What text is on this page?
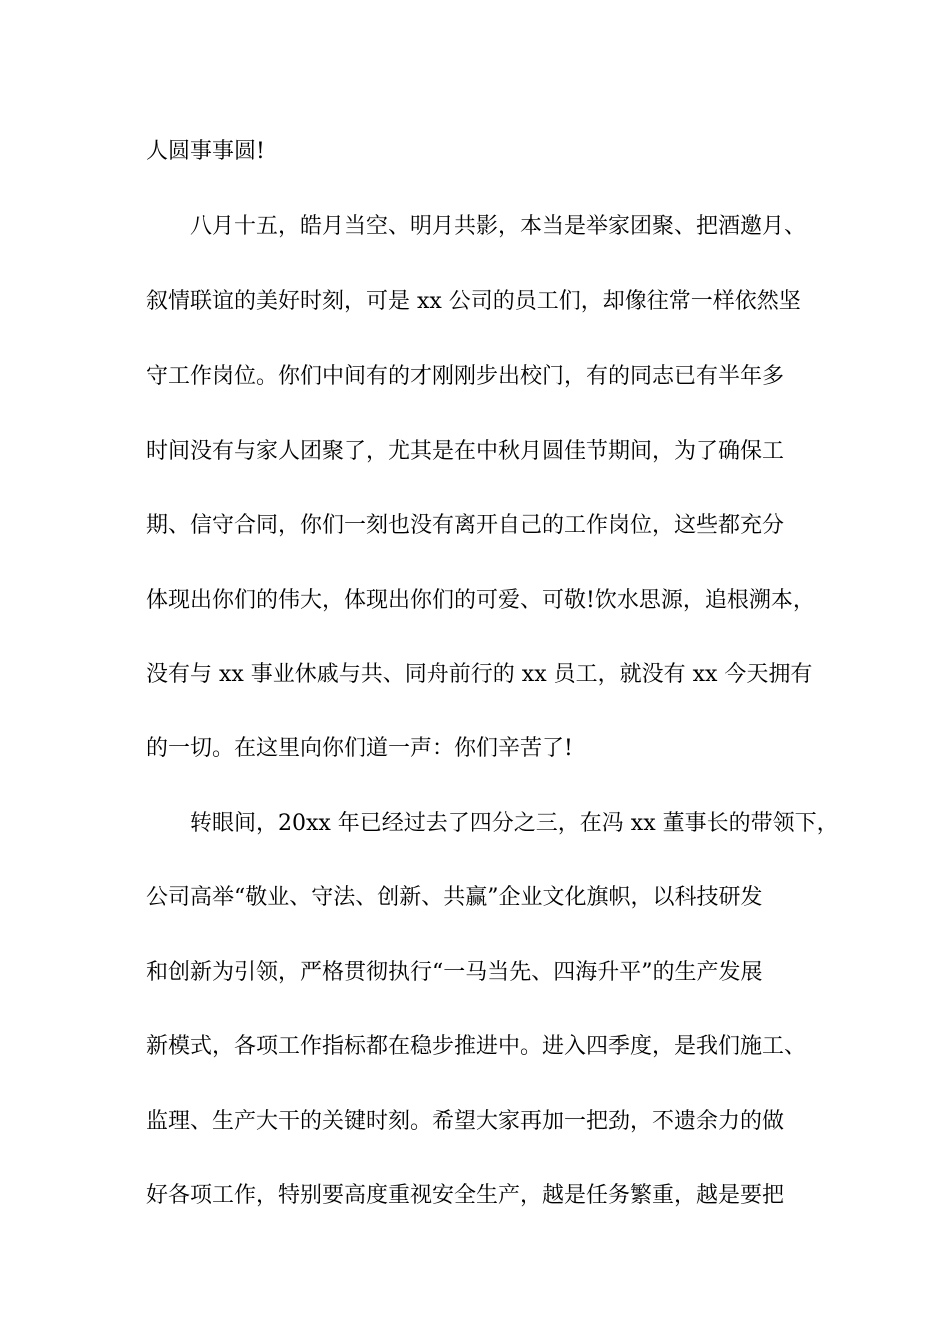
人圆事事圆!
八月十五，皓月当空、明月共影，本当是举家团聚、把酒邀月、
叙情联谊的美好时刻，可是 xx 公司的员工们，却像往常一样依然坚
守工作岗位。你们中间有的才刚刚步出校门，有的同志已有半年多
时间没有与家人团聚了，尤其是在中秋月圆佳节期间，为了确保工
期、信守合同，你们一刻也没有离开自己的工作岗位，这些都充分
体现出你们的伟大，体现出你们的可爱、可敬!饮水思源，追根溯本，
没有与 xx 事业休戚与共、同舟前行的 xx 员工，就没有 xx 今天拥有
的一切。在这里向你们道一声：你们辛苦了!
转眼间，20xx 年已经过去了四分之三，在冯 xx 董事长的带领下，
公司高举“敬业、守法、创新、共赢”企业文化旗帜，以科技研发
和创新为引领，严格贯彻执行“一马当先、四海升平”的生产发展
新模式，各项工作指标都在稳步推进中。进入四季度，是我们施工、
监理、生产大干的关键时刻。希望大家再加一把劲，不遗余力的做
好各项工作，特别要高度重视安全生产，越是任务繁重，越是要把
